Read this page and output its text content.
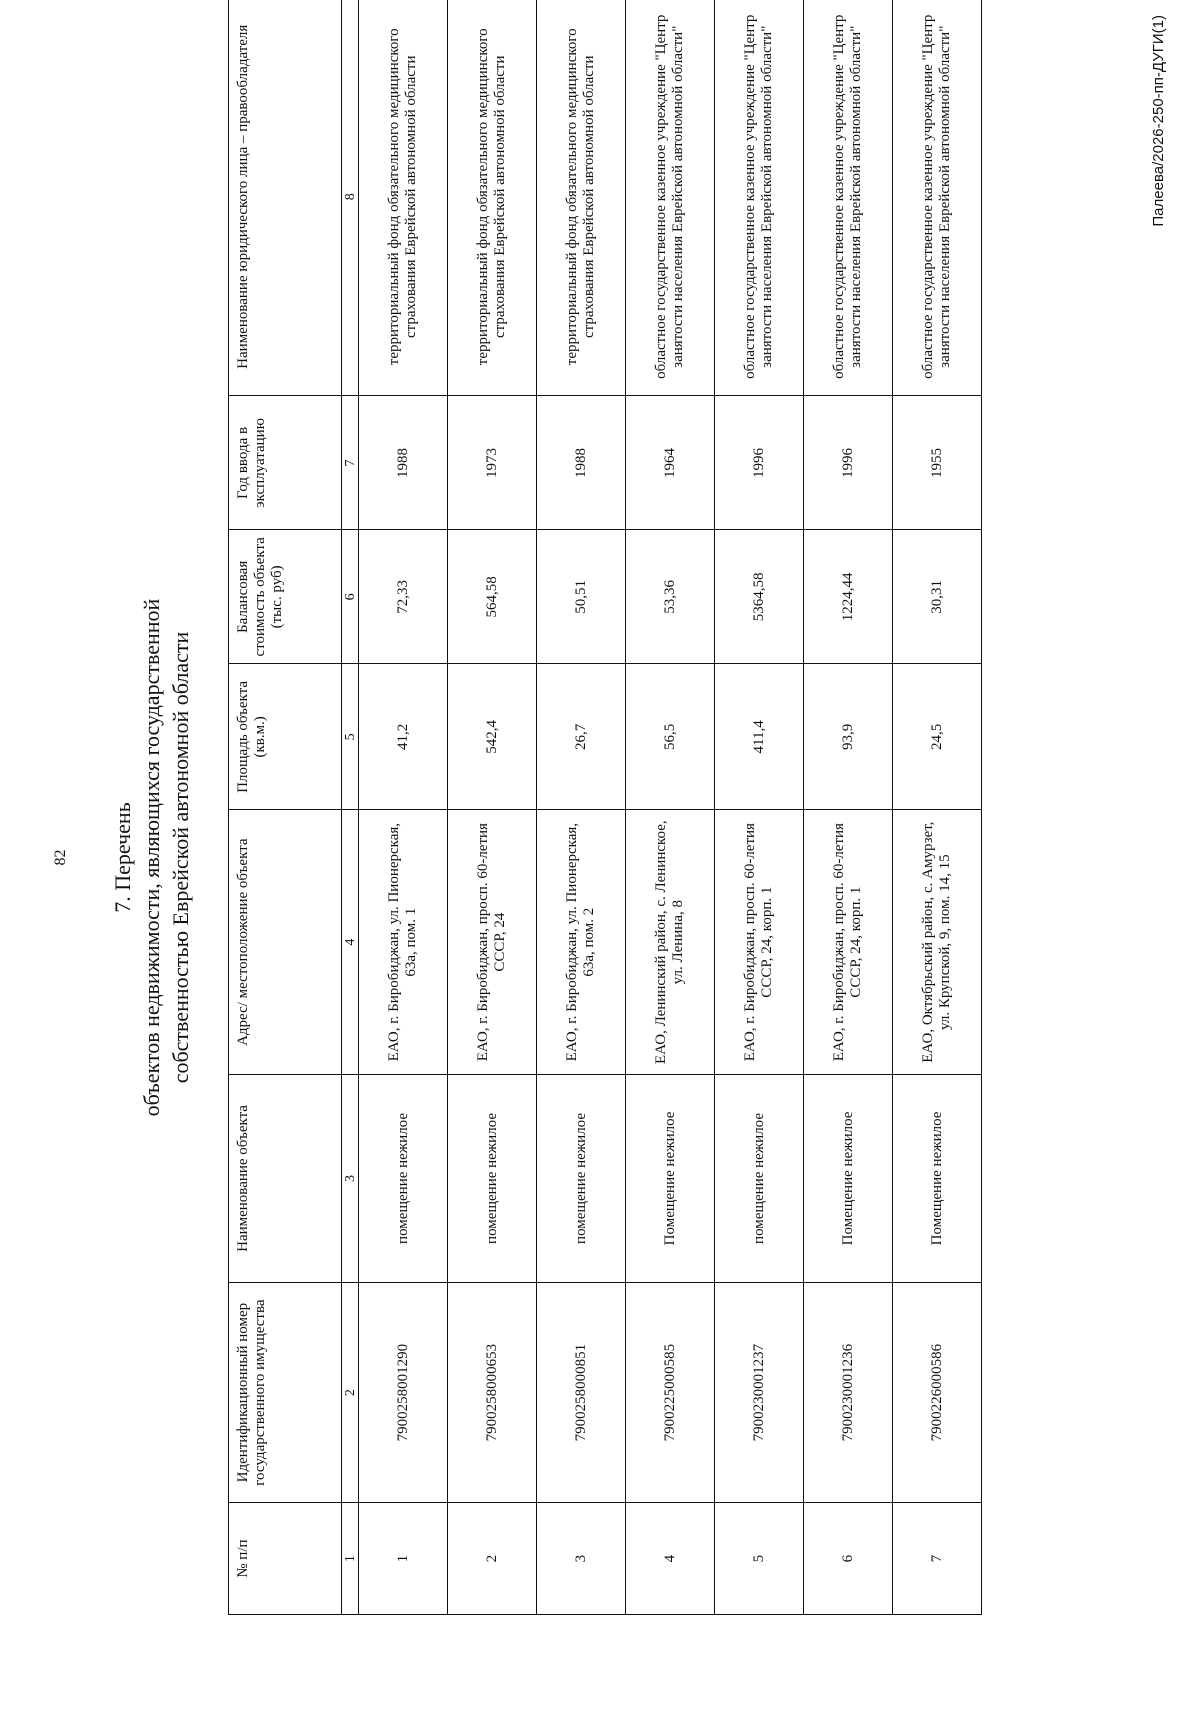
82 7. Перечень объектов недвижимости, являющихся государственной собственностью Еврейской автономной области
№ п/п	Идентификационный номер государственного имущества	Наименование объекта	Адрес/ местоположение объекта	Площадь объекта (кв.м.)	Балансовая стоимость объекта (тыс. руб)	Год ввода в эксплуатацию	Наименование юридического лица – правообладателя
1	2	3	4	5	6	7	8
1	7900258001290	помещение нежилое	ЕАО, г. Биробиджан, ул. Пионерская, 63а, пом. 1	41,2	72,33	1988	территориальный фонд обязательного медицинского страхования Еврейской автономной области
2	7900258000653	помещение нежилое	ЕАО, г. Биробиджан, просп. 60-летия СССР, 24	542,4	564,58	1973	территориальный фонд обязательного медицинского страхования Еврейской автономной области
3	7900258000851	помещение нежилое	ЕАО, г. Биробиджан, ул. Пионерская, 63а, пом. 2	26,7	50,51	1988	территориальный фонд обязательного медицинского страхования Еврейской автономной области
4	7900225000585	Помещение нежилое	ЕАО, Ленинский район, с. Ленинское, ул. Ленина, 8	56,5	53,36	1964	областное государственное казенное учреждение "Центр занятости населения Еврейской автономной области"
5	7900230001237	помещение нежилое	ЕАО, г. Биробиджан, просп. 60-летия СССР, 24, корп. 1	411,4	5364,58	1996	областное государственное казенное учреждение "Центр занятости населения Еврейской автономной области"
6	7900230001236	Помещение нежилое	ЕАО, г. Биробиджан, просп. 60-летия СССР, 24, корп. 1	93,9	1224,44	1996	областное государственное казенное учреждение "Центр занятости населения Еврейской автономной области"
7	7900226000586	Помещение нежилое	ЕАО, Октябрьский район, с. Амурзет, ул. Крупской, 9, пом. 14, 15	24,5	30,31	1955	областное государственное казенное учреждение "Центр занятости населения Еврейской автономной области"	Палеева/2026-250-пп-ДУГИ(1)
